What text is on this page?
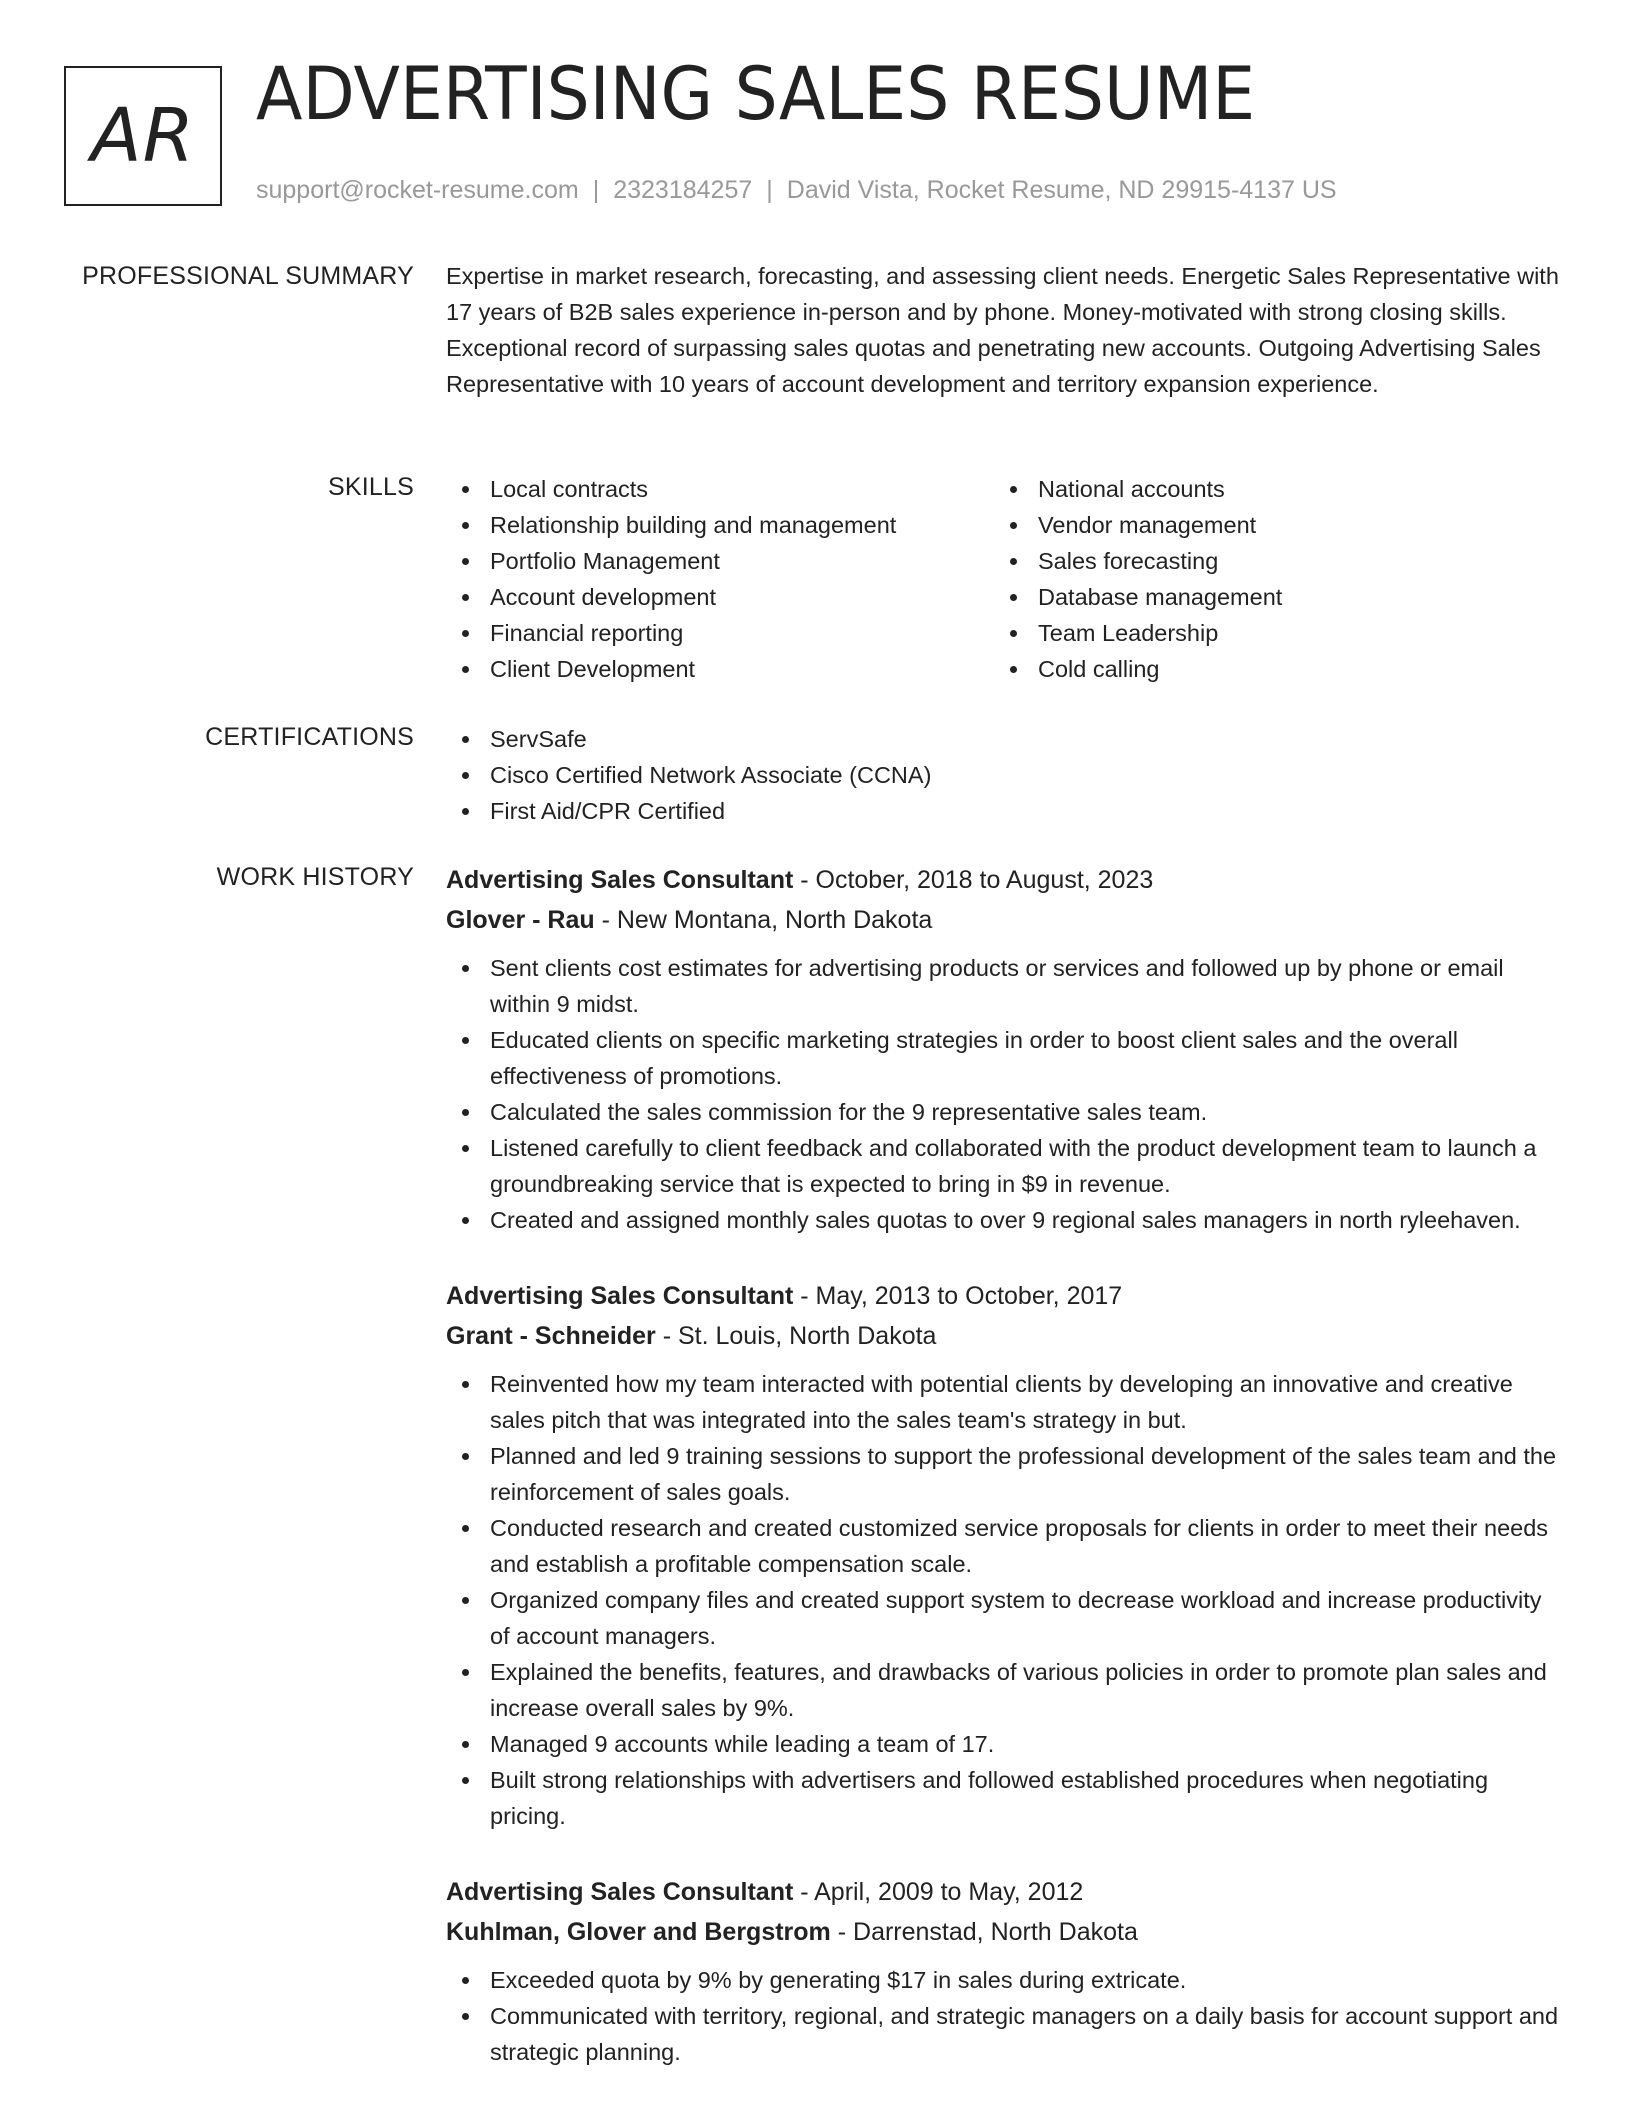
AR ADVERTISING SALES RESUME
support@rocket-resume.com | 2323184257 | David Vista, Rocket Resume, ND 29915-4137 US
PROFESSIONAL SUMMARY Expertise in market research, forecasting, and assessing client needs. Energetic Sales Representative with 17 years of B2B sales experience in-person and by phone. Money-motivated with strong closing skills. Exceptional record of surpassing sales quotas and penetrating new accounts. Outgoing Advertising Sales Representative with 10 years of account development and territory expansion experience.

SKILLS	Local contracts
Relationship building and management
Portfolio Management
Account development
Financial reporting
Client Development
National accounts
Vendor management
Sales forecasting
Database management
Team Leadership
Cold calling
CERTIFICATIONS	ServSafe
Cisco Certified Network Associate (CCNA)
First Aid/CPR Certified
WORK HISTORY Advertising Sales Consultant - October, 2018 to August, 2023
Glover - Rau - New Montana, North Dakota
Sent clients cost estimates for advertising products or services and followed up by phone or email within 9 midst.
Educated clients on specific marketing strategies in order to boost client sales and the overall effectiveness of promotions.
Calculated the sales commission for the 9 representative sales team.
Listened carefully to client feedback and collaborated with the product development team to launch a groundbreaking service that is expected to bring in $9 in revenue.
Created and assigned monthly sales quotas to over 9 regional sales managers in north ryleehaven.
Advertising Sales Consultant - May, 2013 to October, 2017
Grant - Schneider - St. Louis, North Dakota
Reinvented how my team interacted with potential clients by developing an innovative and creative sales pitch that was integrated into the sales team's strategy in but.
Planned and led 9 training sessions to support the professional development of the sales team and the reinforcement of sales goals.
Conducted research and created customized service proposals for clients in order to meet their needs and establish a profitable compensation scale.
Organized company files and created support system to decrease workload and increase productivity of account managers.
Explained the benefits, features, and drawbacks of various policies in order to promote plan sales and increase overall sales by 9%.
Managed 9 accounts while leading a team of 17.
Built strong relationships with advertisers and followed established procedures when negotiating pricing.
Advertising Sales Consultant - April, 2009 to May, 2012
Kuhlman, Glover and Bergstrom - Darrenstad, North Dakota
Exceeded quota by 9% by generating $17 in sales during extricate.
Communicated with territory, regional, and strategic managers on a daily basis for account support and strategic planning.
